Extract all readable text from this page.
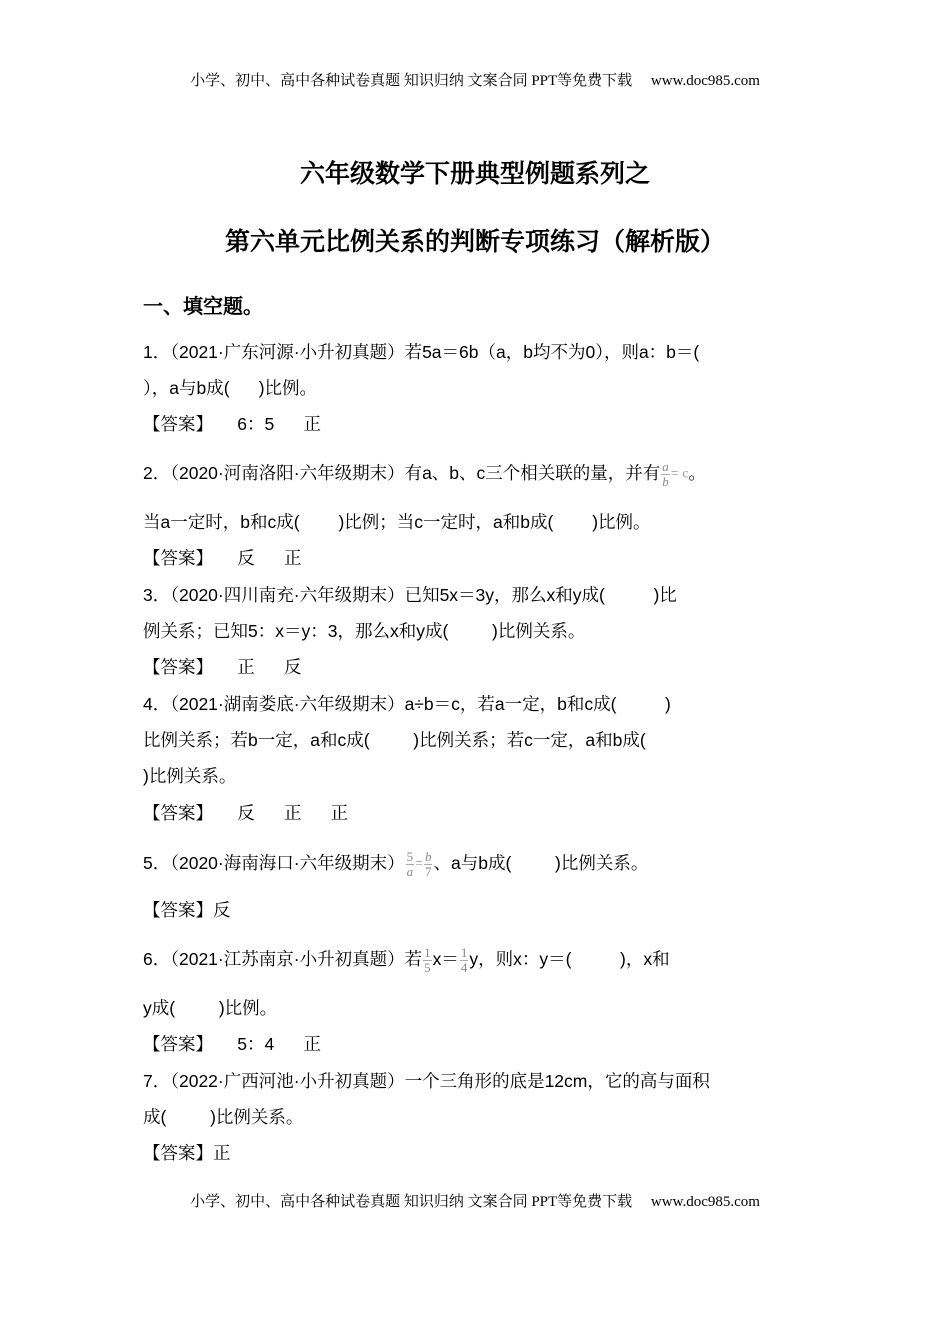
小学、初中、高中各种试卷真题 知识归纳 文案合同 PPT等免费下载 www.doc985.com
六年级数学下册典型例题系列之
第六单元比例关系的判断专项练习（解析版）
一、填空题。
1．（2021·广东河源·小升初真题）若5a＝6b（a，b均不为0），则a：b＝(
），a与b成(      )比例。
【答案】     6：5      正
2．（2020·河南洛阳·六年级期末）有a、b、c三个相关联的量，并有 $\frac{a}{b} = c$。
当a一定时，b和c成(        )比例；当c一定时，a和b成(        )比例。
【答案】     反      正
3．（2020·四川南充·六年级期末）已知5x＝3y，那么x和y成(          )比
例关系；已知5：x＝y：3，那么x和y成(         )比例关系。
【答案】     正      反
4．（2021·湖南娄底·六年级期末）a÷b＝c，若a一定，b和c成(          )
比例关系；若b一定，a和c成(         )比例关系；若c一定，a和b成(
)比例关系。
【答案】     反      正      正
5．（2020·海南海口·六年级期末） $\frac{5}{a} = \frac{b}{7}$ 、a与b成(         )比例关系。
【答案】反
6．（2021·江苏南京·小升初真题）若 $\frac{1}{5} x= \frac{1}{4}$ y，则x：y＝(          )，x和
y成(         )比例。
【答案】     5：4      正
7．（2022·广西河池·小升初真题）一个三角形的底是12cm，它的高与面积
成(         )比例关系。
【答案】正
小学、初中、高中各种试卷真题 知识归纳 文案合同 PPT等免费下载 www.doc985.com
